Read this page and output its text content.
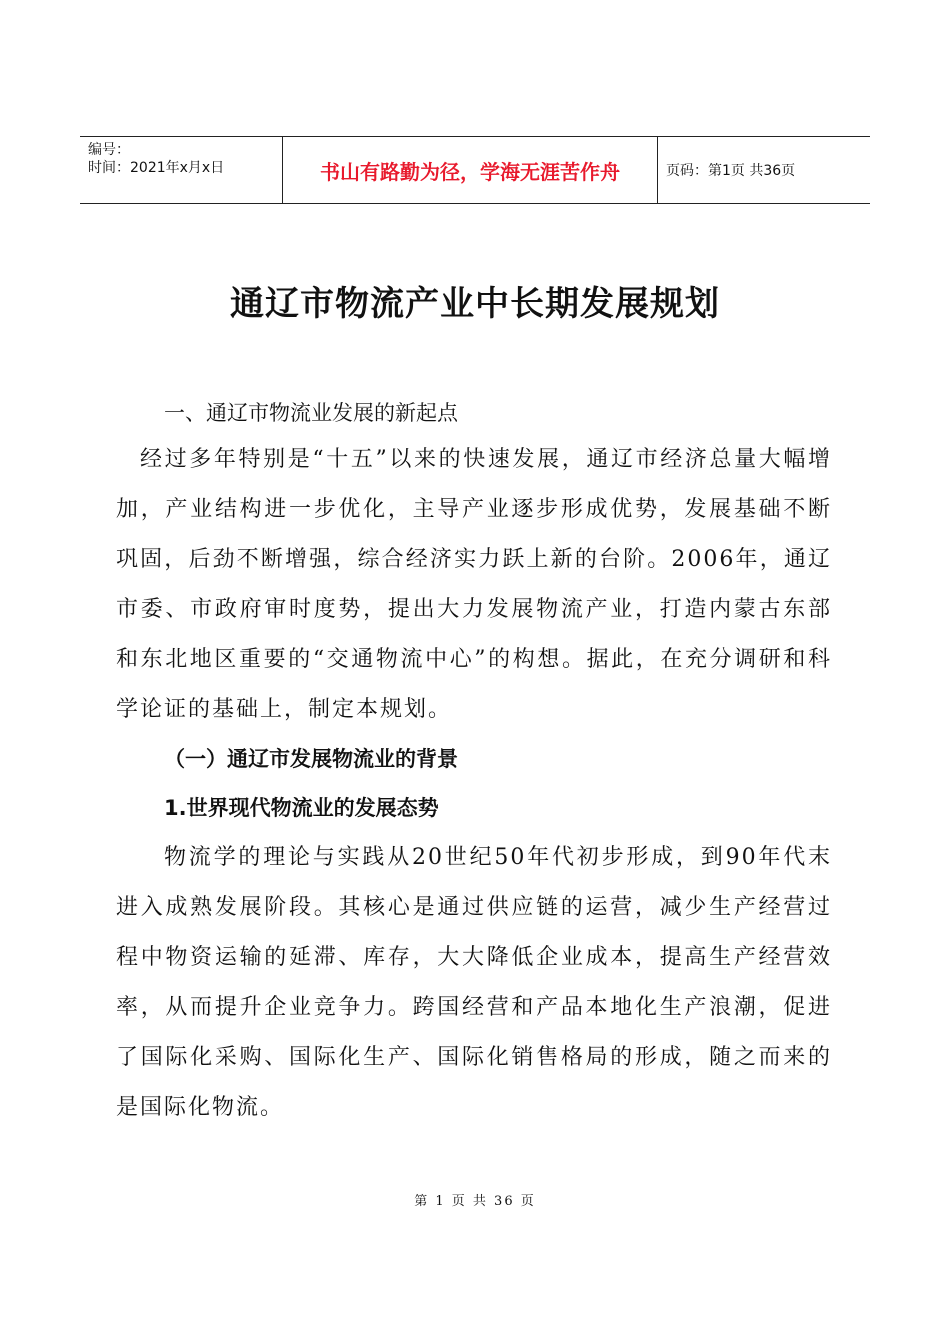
编号：
时间：2021年x月x日	书山有路勤为径，学海无涯苦作舟	页码：第1页 共36页
通辽市物流产业中长期发展规划
一、通辽市物流业发展的新起点

经过多年特别是“十五”以来的快速发展，通辽市经济总量大幅增加，产业结构进一步优化，主导产业逐步形成优势，发展基础不断巩固，后劲不断增强，综合经济实力跃上新的台阶。2006年，通辽市委、市政府审时度势，提出大力发展物流产业，打造内蒙古东部和东北地区重要的“交通物流中心”的构想。据此，在充分调研和科学论证的基础上，制定本规划。

（一）通辽市发展物流业的背景
1.世界现代物流业的发展态势

物流学的理论与实践从20世纪50年代初步形成，到90年代末进入成熟发展阶段。其核心是通过供应链的运营，减少生产经营过程中物资运输的延滞、库存，大大降低企业成本，提高生产经营效率，从而提升企业竞争力。跨国经营和产品本地化生产浪潮，促进了国际化采购、国际化生产、国际化销售格局的形成，随之而来的是国际化物流。

第 1 页 共 36 页
